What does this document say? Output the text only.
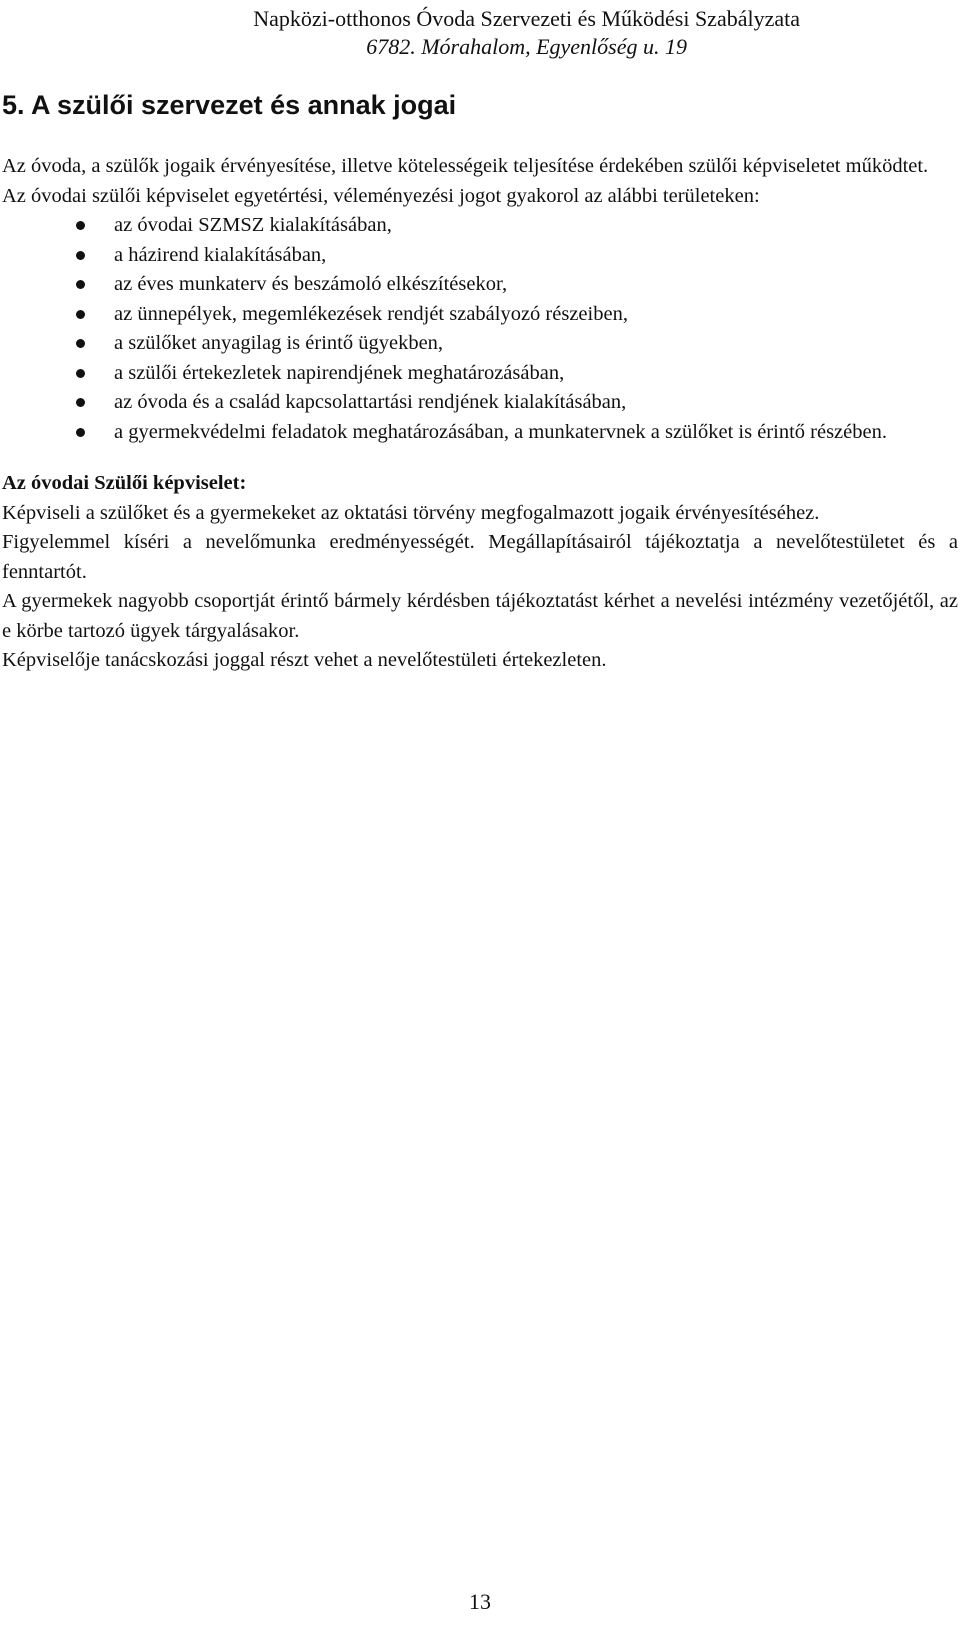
Napközi-otthonos Óvoda Szervezeti és Működési Szabályzata
6782. Mórahalom, Egyenlőség u. 19
5. A szülői szervezet és annak jogai

Az óvoda, a szülők jogaik érvényesítése, illetve kötelességeik teljesítése érdekében szülői képviseletet működtet.

Az óvodai szülői képviselet egyetértési, véleményezési jogot gyakorol az alábbi területeken:

az óvodai SZMSZ kialakításában,
a házirend kialakításában,
az éves munkaterv és beszámoló elkészítésekor,
az ünnepélyek, megemlékezések rendjét szabályozó részeiben,
a szülőket anyagilag is érintő ügyekben,
a szülői értekezletek napirendjének meghatározásában,
az óvoda és a család kapcsolattartási rendjének kialakításában,
a gyermekvédelmi feladatok meghatározásában, a munkatervnek a szülőket is érintő részében.

Az óvodai Szülői képviselet:

Képviseli a szülőket és a gyermekeket az oktatási törvény megfogalmazott jogaik érvényesítéséhez.

Figyelemmel kíséri a nevelőmunka eredményességét. Megállapításairól tájékoztatja a nevelőtestületet és a fenntartót.

A gyermekek nagyobb csoportját érintő bármely kérdésben tájékoztatást kérhet a nevelési intézmény vezetőjétől, az e körbe tartozó ügyek tárgyalásakor.

Képviselője tanácskozási joggal részt vehet a nevelőtestületi értekezleten.

13
